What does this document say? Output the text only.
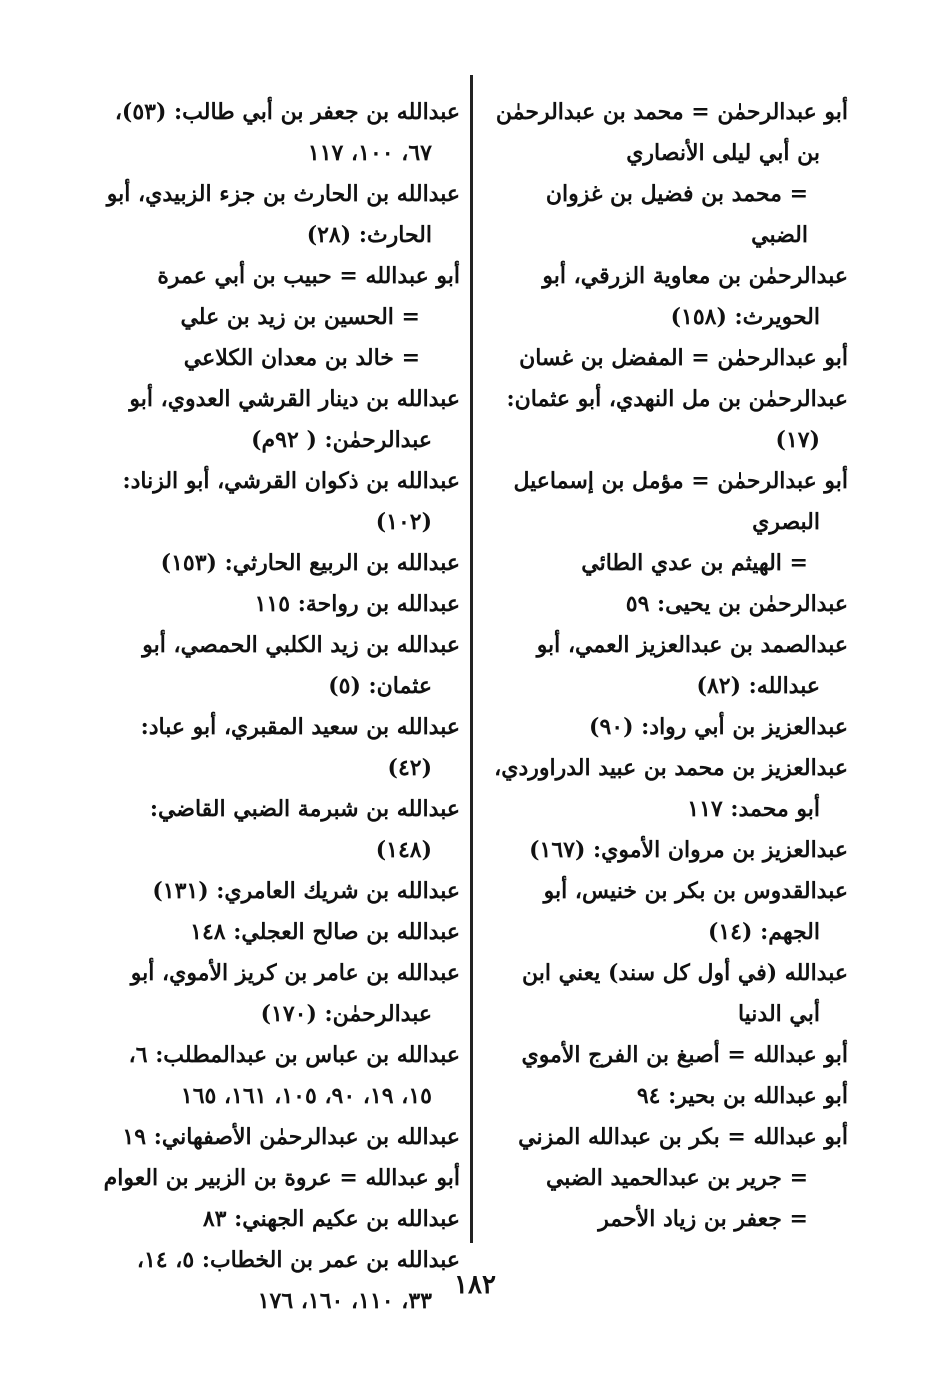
أبو عبدالرحمٰن = محمد بن عبدالرحمٰن بن أبي ليلى الأنصاري

= محمد بن فضيل بن غزوان الضبي

عبدالرحمٰن بن معاوية الزرقي، أبو الحويرث: (١٥٨)

أبو عبدالرحمٰن = المفضل بن غسان

عبدالرحمٰن بن مل النهدي، أبو عثمان: (١٧)

أبو عبدالرحمٰن = مؤمل بن إسماعيل البصري

= الهيثم بن عدي الطائي

عبدالرحمٰن بن يحيى: ٥٩

عبدالصمد بن عبدالعزيز العمي، أبو عبدالله: (٨٢)

عبدالعزيز بن أبي رواد: (٩٠)

عبدالعزيز بن محمد بن عبيد الدراوردي، أبو محمد: ١١٧

عبدالعزيز بن مروان الأموي: (١٦٧)

عبدالقدوس بن بكر بن خنيس، أبو الجهم: (١٤)

عبدالله (في أول كل سند) يعني ابن أبي الدنيا

أبو عبدالله = أصبغ بن الفرج الأموي

أبو عبدالله بن بحير: ٩٤

أبو عبدالله = بكر بن عبدالله المزني

= جرير بن عبدالحميد الضبي

= جعفر بن زياد الأحمر

عبدالله بن جعفر بن أبي طالب: (٥٣)، ٦٧، ١٠٠، ١١٧

عبدالله بن الحارث بن جزء الزبيدي، أبو الحارث: (٢٨)

أبو عبدالله = حبيب بن أبي عمرة

= الحسين بن زيد بن علي

= خالد بن معدان الكلاعي

عبدالله بن دينار القرشي العدوي، أبو عبدالرحمٰن: ( ٩٢م)

عبدالله بن ذكوان القرشي، أبو الزناد: (١٠٢)

عبدالله بن الربيع الحارثي: (١٥٣)

عبدالله بن رواحة: ١١٥

عبدالله بن زيد الكلبي الحمصي، أبو عثمان: (٥)

عبدالله بن سعيد المقبري، أبو عباد: (٤٢)

عبدالله بن شبرمة الضبي القاضي: (١٤٨)

عبدالله بن شريك العامري: (١٣١)

عبدالله بن صالح العجلي: ١٤٨

عبدالله بن عامر بن كريز الأموي، أبو عبدالرحمٰن: (١٧٠)

عبدالله بن عباس بن عبدالمطلب: ٦، ١٥، ١٩، ٩٠، ١٠٥، ١٦١، ١٦٥

عبدالله بن عبدالرحمٰن الأصفهاني: ١٩

أبو عبدالله = عروة بن الزبير بن العوام

عبدالله بن عكيم الجهني: ٨٣

عبدالله بن عمر بن الخطاب: ٥، ١٤، ٣٣، ١١٠، ١٦٠، ١٧٦

١٨٢
